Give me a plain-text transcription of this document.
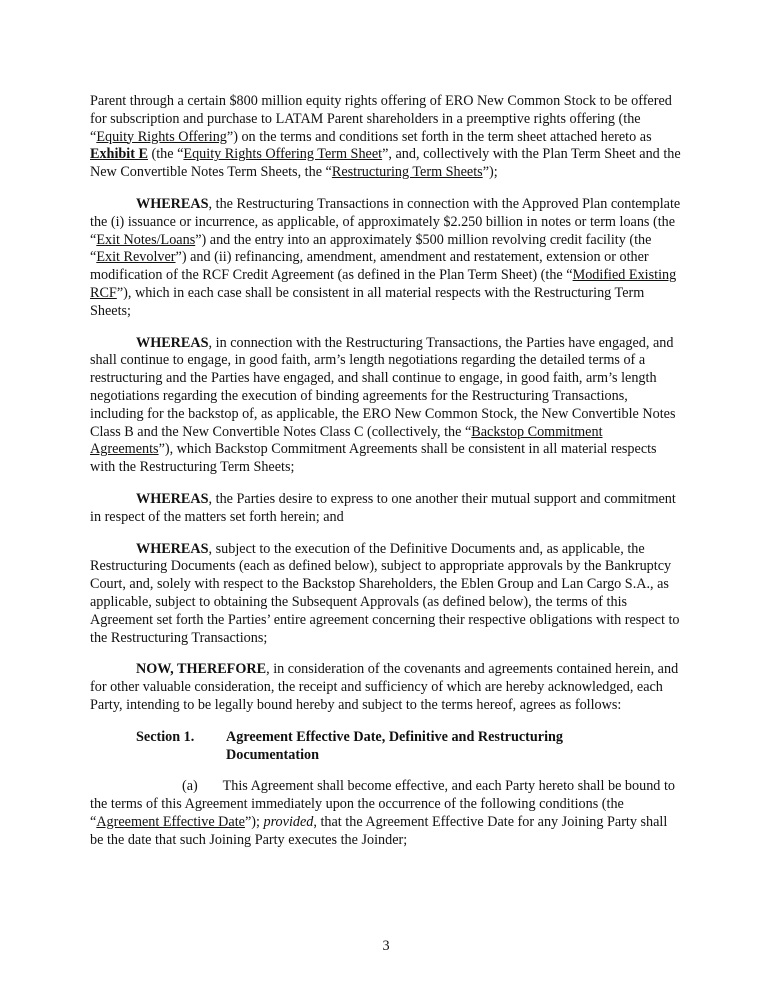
Parent through a certain $800 million equity rights offering of ERO New Common Stock to be offered for subscription and purchase to LATAM Parent shareholders in a preemptive rights offering (the “Equity Rights Offering”) on the terms and conditions set forth in the term sheet attached hereto as Exhibit E (the “Equity Rights Offering Term Sheet”, and, collectively with the Plan Term Sheet and the New Convertible Notes Term Sheets, the “Restructuring Term Sheets”);

WHEREAS, the Restructuring Transactions in connection with the Approved Plan contemplate the (i) issuance or incurrence, as applicable, of approximately $2.250 billion in notes or term loans (the “Exit Notes/Loans”) and the entry into an approximately $500 million revolving credit facility (the “Exit Revolver”) and (ii) refinancing, amendment, amendment and restatement, extension or other modification of the RCF Credit Agreement (as defined in the Plan Term Sheet) (the “Modified Existing RCF”), which in each case shall be consistent in all material respects with the Restructuring Term Sheets;

WHEREAS, in connection with the Restructuring Transactions, the Parties have engaged, and shall continue to engage, in good faith, arm’s length negotiations regarding the detailed terms of a restructuring and the Parties have engaged, and shall continue to engage, in good faith, arm’s length negotiations regarding the execution of binding agreements for the Restructuring Transactions, including for the backstop of, as applicable, the ERO New Common Stock, the New Convertible Notes Class B and the New Convertible Notes Class C (collectively, the “Backstop Commitment Agreements”), which Backstop Commitment Agreements shall be consistent in all material respects with the Restructuring Term Sheets;

WHEREAS, the Parties desire to express to one another their mutual support and commitment in respect of the matters set forth herein; and

WHEREAS, subject to the execution of the Definitive Documents and, as applicable, the Restructuring Documents (each as defined below), subject to appropriate approvals by the Bankruptcy Court, and, solely with respect to the Backstop Shareholders, the Eblen Group and Lan Cargo S.A., as applicable, subject to obtaining the Subsequent Approvals (as defined below), the terms of this Agreement set forth the Parties’ entire agreement concerning their respective obligations with respect to the Restructuring Transactions;

NOW, THEREFORE, in consideration of the covenants and agreements contained herein, and for other valuable consideration, the receipt and sufficiency of which are hereby acknowledged, each Party, intending to be legally bound hereby and subject to the terms hereof, agrees as follows:

Section 1.	Agreement Effective Date, Definitive and Restructuring
Documentation

(a) This Agreement shall become effective, and each Party hereto shall be bound to the terms of this Agreement immediately upon the occurrence of the following conditions (the “Agreement Effective Date”); provided, that the Agreement Effective Date for any Joining Party shall be the date that such Joining Party executes the Joinder;

3
